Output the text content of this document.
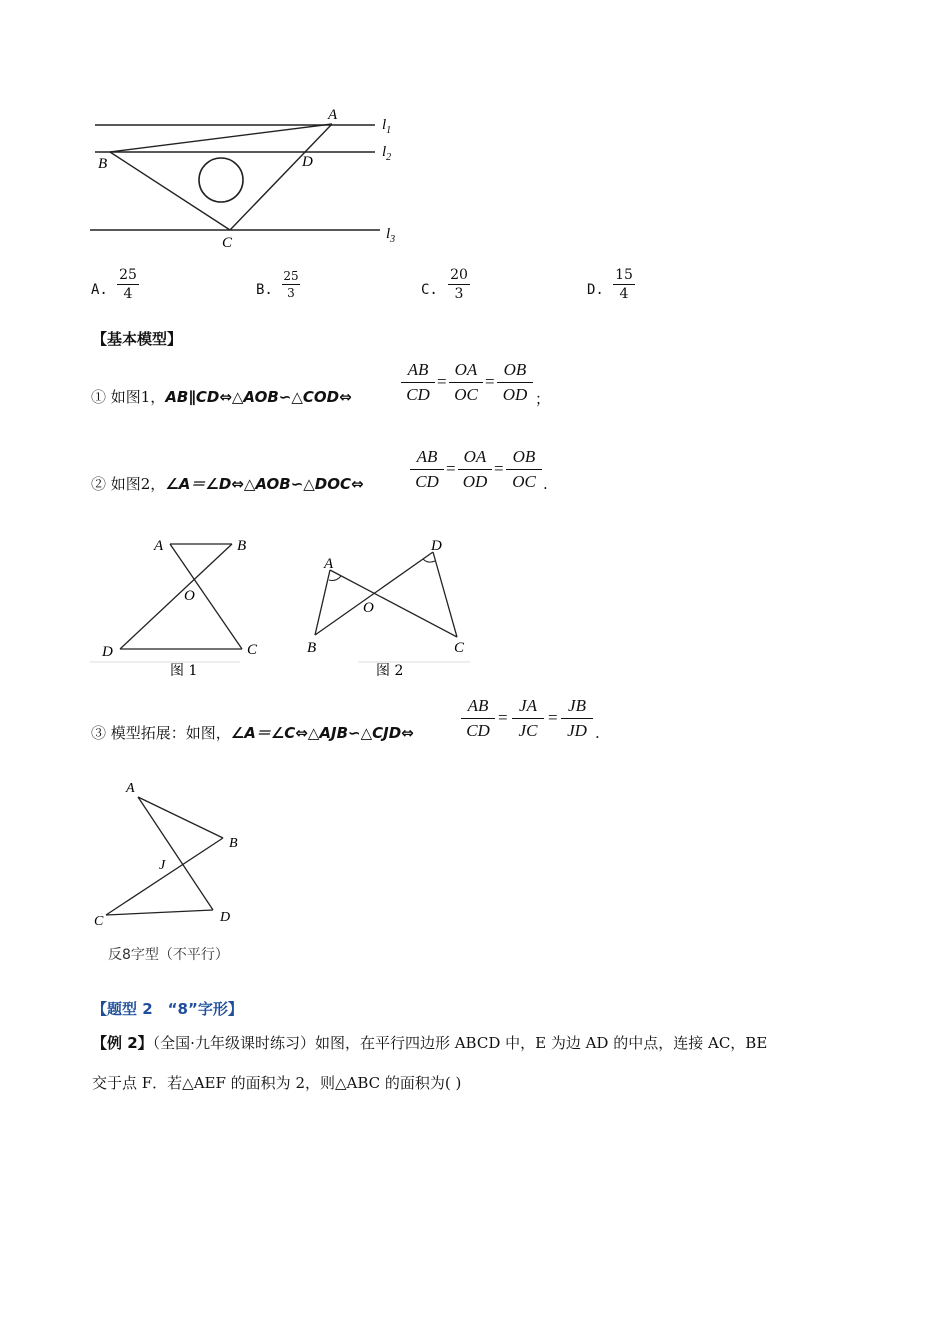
A
B	D
C
$l_1$
$l_2$
$l_3$
A. $\frac{25}{4}$	B. $\frac{25}{3}$	C. $\frac{20}{3}$	D. $\frac{15}{4}$
【基本模型】
① 如图1，AB∥CD⇔△AOB∽△COD⇔	$\frac{AB}{CD} = \frac{OA}{OC} = \frac{OB}{OD}$ ；
② 如图2，∠A＝∠D⇔△AOB∽△DOC⇔	$\frac{AB}{CD} = \frac{OA}{OD} = \frac{OB}{OC}$ .
A	B
O
D	C
图 1
A
D
O
B	C
图 2
③ 模型拓展：如图，∠A＝∠C⇔△AJB∽△CJD⇔	$\frac{AB}{CD} = \frac{JA}{JC} = \frac{JB}{JD}$ .
A
B
J
C	D
反8字型（不平行）
【题型 2　“8”字形】
【例 2】（全国·九年级课时练习）如图，在平行四边形 ABCD 中，E 为边 AD 的中点，连接 AC，BE
交于点 F．若△AEF 的面积为 2，则△ABC 的面积为( )
